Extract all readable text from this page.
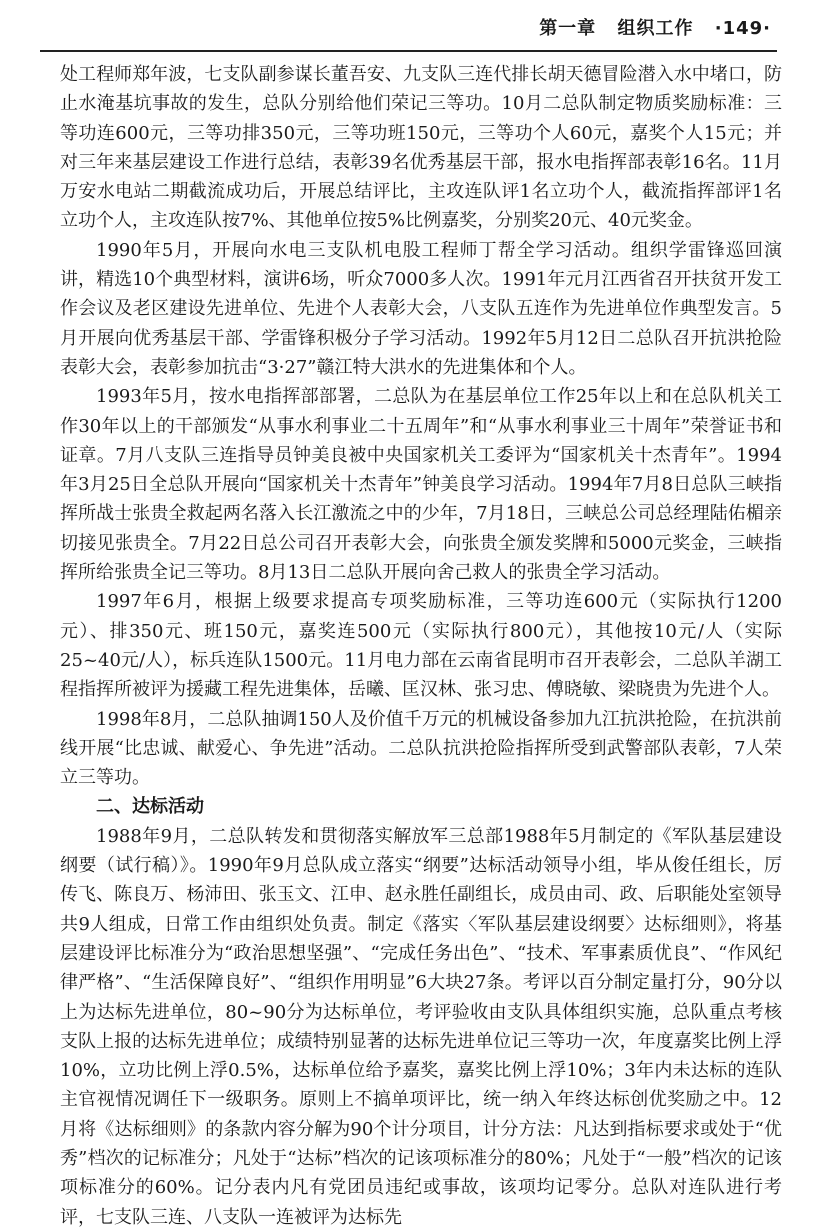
第一章 组织工作 ·149·

处工程师郑年波，七支队副参谋长董吾安、九支队三连代排长胡天德冒险潜入水中堵口，防止水淹基坑事故的发生，总队分别给他们荣记三等功。10月二总队制定物质奖励标准：三等功连600元，三等功排350元，三等功班150元，三等功个人60元，嘉奖个人15元；并对三年来基层建设工作进行总结，表彰39名优秀基层干部，报水电指挥部表彰16名。11月万安水电站二期截流成功后，开展总结评比，主攻连队评1名立功个人，截流指挥部评1名立功个人，主攻连队按7%、其他单位按5%比例嘉奖，分别奖20元、40元奖金。

1990年5月，开展向水电三支队机电股工程师丁帮全学习活动。组织学雷锋巡回演讲，精选10个典型材料，演讲6场，听众7000多人次。1991年元月江西省召开扶贫开发工作会议及老区建设先进单位、先进个人表彰大会，八支队五连作为先进单位作典型发言。5月开展向优秀基层干部、学雷锋积极分子学习活动。1992年5月12日二总队召开抗洪抢险表彰大会，表彰参加抗击“3·27”赣江特大洪水的先进集体和个人。

1993年5月，按水电指挥部部署，二总队为在基层单位工作25年以上和在总队机关工作30年以上的干部颁发“从事水利事业二十五周年”和“从事水利事业三十周年”荣誉证书和证章。7月八支队三连指导员钟美良被中央国家机关工委评为“国家机关十杰青年”。1994年3月25日全总队开展向“国家机关十杰青年”钟美良学习活动。1994年7月8日总队三峡指挥所战士张贵全救起两名落入长江激流之中的少年，7月18日，三峡总公司总经理陆佑楣亲切接见张贵全。7月22日总公司召开表彰大会，向张贵全颁发奖牌和5000元奖金，三峡指挥所给张贵全记三等功。8月13日二总队开展向舍己救人的张贵全学习活动。

1997年6月，根据上级要求提高专项奖励标准，三等功连600元（实际执行1200元）、排350元、班150元，嘉奖连500元（实际执行800元），其他按10元/人（实际25~40元/人），标兵连队1500元。11月电力部在云南省昆明市召开表彰会，二总队羊湖工程指挥所被评为援藏工程先进集体，岳曦、匡汉林、张习忠、傅晓敏、梁晓贵为先进个人。

1998年8月，二总队抽调150人及价值千万元的机械设备参加九江抗洪抢险，在抗洪前线开展“比忠诚、献爱心、争先进”活动。二总队抗洪抢险指挥所受到武警部队表彰，7人荣立三等功。

二、达标活动

1988年9月，二总队转发和贯彻落实解放军三总部1988年5月制定的《军队基层建设纲要（试行稿）》。1990年9月总队成立落实“纲要”达标活动领导小组，毕从俊任组长，厉传飞、陈良万、杨沛田、张玉文、江申、赵永胜任副组长，成员由司、政、后职能处室领导共9人组成，日常工作由组织处负责。制定《落实〈军队基层建设纲要〉达标细则》，将基层建设评比标准分为“政治思想坚强”、“完成任务出色”、“技术、军事素质优良”、“作风纪律严格”、“生活保障良好”、“组织作用明显”6大块27条。考评以百分制定量打分，90分以上为达标先进单位，80~90分为达标单位，考评验收由支队具体组织实施，总队重点考核支队上报的达标先进单位；成绩特别显著的达标先进单位记三等功一次，年度嘉奖比例上浮10%，立功比例上浮0.5%，达标单位给予嘉奖，嘉奖比例上浮10%；3年内未达标的连队主官视情况调任下一级职务。原则上不搞单项评比，统一纳入年终达标创优奖励之中。12月将《达标细则》的条款内容分解为90个计分项目，计分方法：凡达到指标要求或处于“优秀”档次的记标准分；凡处于“达标”档次的记该项标准分的80%；凡处于“一般”档次的记该项标准分的60%。记分表内凡有党团员违纪或事故，该项均记零分。总队对连队进行考评，七支队三连、八支队一连被评为达标先
